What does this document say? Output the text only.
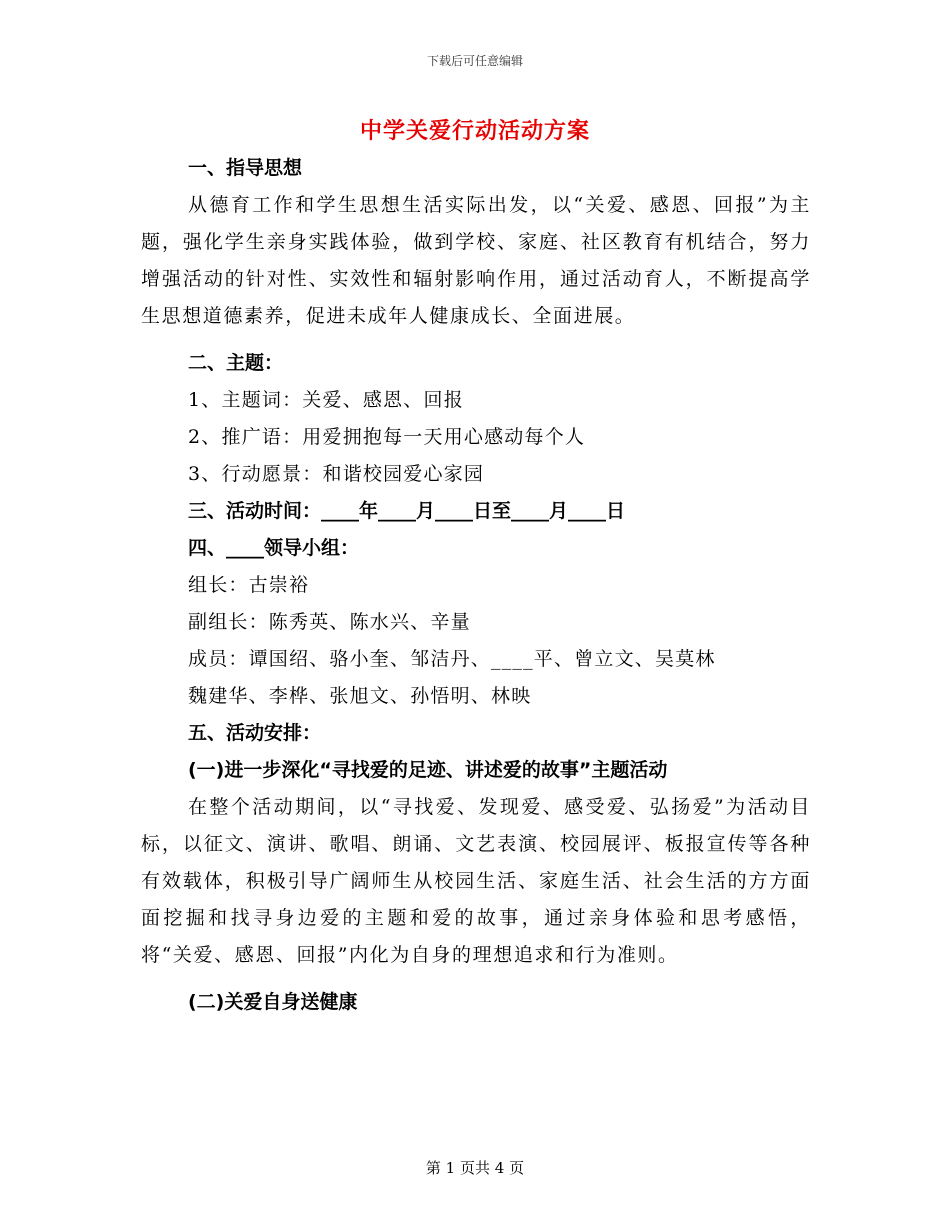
下载后可任意编辑
中学关爱行动活动方案
一、指导思想
从德育工作和学生思想生活实际出发，以“关爱、感恩、回报”为主题，强化学生亲身实践体验，做到学校、家庭、社区教育有机结合，努力增强活动的针对性、实效性和辐射影响作用，通过活动育人，不断提高学生思想道德素养，促进未成年人健康成长、全面进展。
二、主题：
1、主题词：关爱、感恩、回报
2、推广语：用爱拥抱每一天用心感动每个人
3、行动愿景：和谐校园爱心家园
三、活动时间：____年____月____日至____月____日
四、____领导小组：
组长：古崇裕
副组长：陈秀英、陈水兴、辛量
成员：谭国绍、骆小奎、邹洁丹、____平、曾立文、吴莫林
魏建华、李桦、张旭文、孙悟明、林映
五、活动安排：
(一)进一步深化“寻找爱的足迹、讲述爱的故事”主题活动
在整个活动期间，以“寻找爱、发现爱、感受爱、弘扬爱”为活动目标，以征文、演讲、歌唱、朗诵、文艺表演、校园展评、板报宣传等各种有效载体，积极引导广阔师生从校园生活、家庭生活、社会生活的方方面面挖掘和找寻身边爱的主题和爱的故事，通过亲身体验和思考感悟，将“关爱、感恩、回报”内化为自身的理想追求和行为准则。
(二)关爱自身送健康
第 1 页共 4 页
